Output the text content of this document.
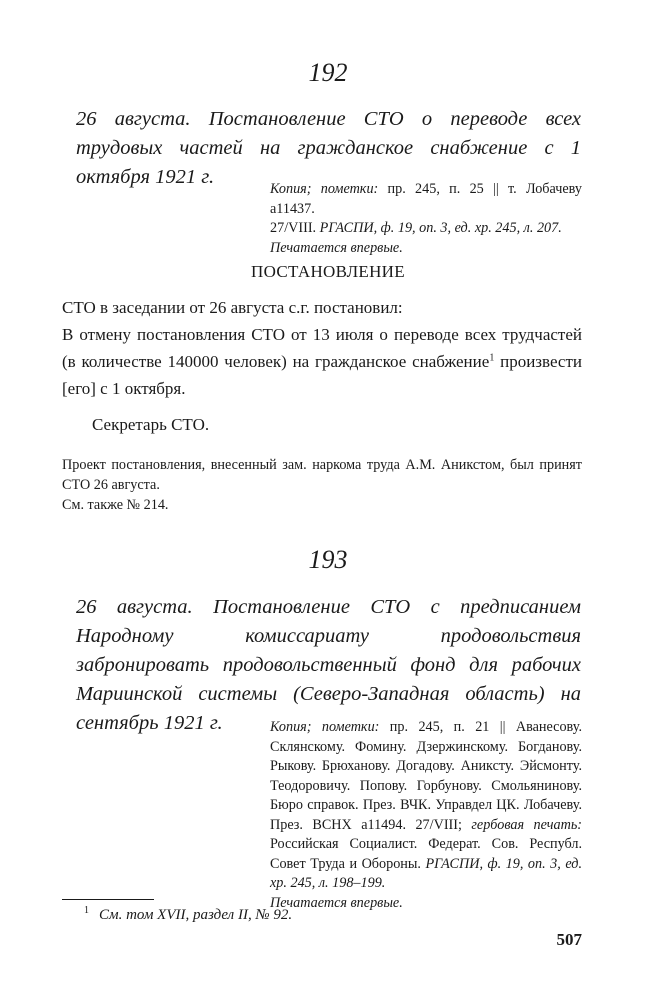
192

26 августа. Постановление СТО о переводе всех трудовых частей на гражданское снабжение с 1 октября 1921 г.

Копия; пометки: пр. 245, п. 25 || т. Лобачеву а11437.
27/VIII. РГАСПИ, ф. 19, оп. 3, ед. хр. 245, л. 207.
Печатается впервые.
ПОСТАНОВЛЕНИЕ

СТО в заседании от 26 августа с.г. постановил:

В отмену постановления СТО от 13 июля о переводе всех трудчастей (в количестве 140000 человек) на гражданское снабжение$^1$ произвести [его] с 1 октября.

Секретарь СТО.

Проект постановления, внесенный зам. наркома труда А.М. Аникстом, был принят СТО 26 августа.

См. также № 214.

193

26 августа. Постановление СТО с предписанием Народному комиссариату продовольствия забронировать продовольственный фонд для рабочих Мариинской системы (Северо-Западная область) на сентябрь 1921 г.	Копия; пометки: пр. 245, п. 21 || Аванесову. Склянскому. Фомину. Дзержинскому. Богданову. Рыкову. Брюханову. Догадову. Аниксту. Эйсмонту. Теодоровичу. Попову. Горбунову. Смольянинову. Бюро справок. През. ВЧК. Управдел ЦК. Лобачеву. През. ВСНХ а11494. 27/VIII; гербовая печать: Российская Социалист. Федерат. Сов. Республ. Совет Труда и Обороны. РГАСПИ, ф. 19, оп. 3, ед. хр. 245, л. 198–199.
Печатается впервые.
$^1$ См. том XVII, раздел II, № 92.
507
